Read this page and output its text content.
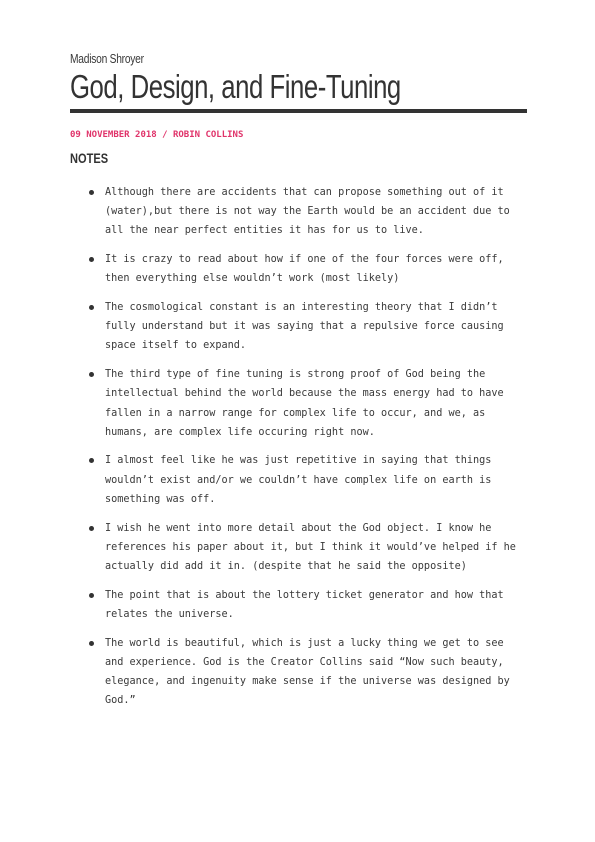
Madison Shroyer
God, Design, and Fine-Tuning
09 NOVEMBER 2018 / ROBIN COLLINS
NOTES
Although there are accidents that can propose something out of it (water),but there is not way the Earth would be an accident due to all the near perfect entities it has for us to live.
It is crazy to read about how if one of the four forces were off, then everything else wouldn’t work (most likely)
The cosmological constant is an interesting theory that I didn’t fully understand but it was saying that a repulsive force causing space itself to expand.
The third type of fine tuning is strong proof of God being the intellectual behind the world because the mass energy had to have fallen in a narrow range for complex life to occur, and we, as humans, are complex life occuring right now.
I almost feel like he was just repetitive in saying that things wouldn’t exist and/or we couldn’t have complex life on earth is something was off.
I wish he went into more detail about the God object. I know he references his paper about it, but I think it would’ve helped if he actually did add it in. (despite that he said the opposite)
The point that is about the lottery ticket generator and how that relates the universe.
The world is beautiful, which is just a lucky thing we get to see and experience. God is the Creator Collins said “Now such beauty, elegance, and ingenuity make sense if the universe was designed by God.”
